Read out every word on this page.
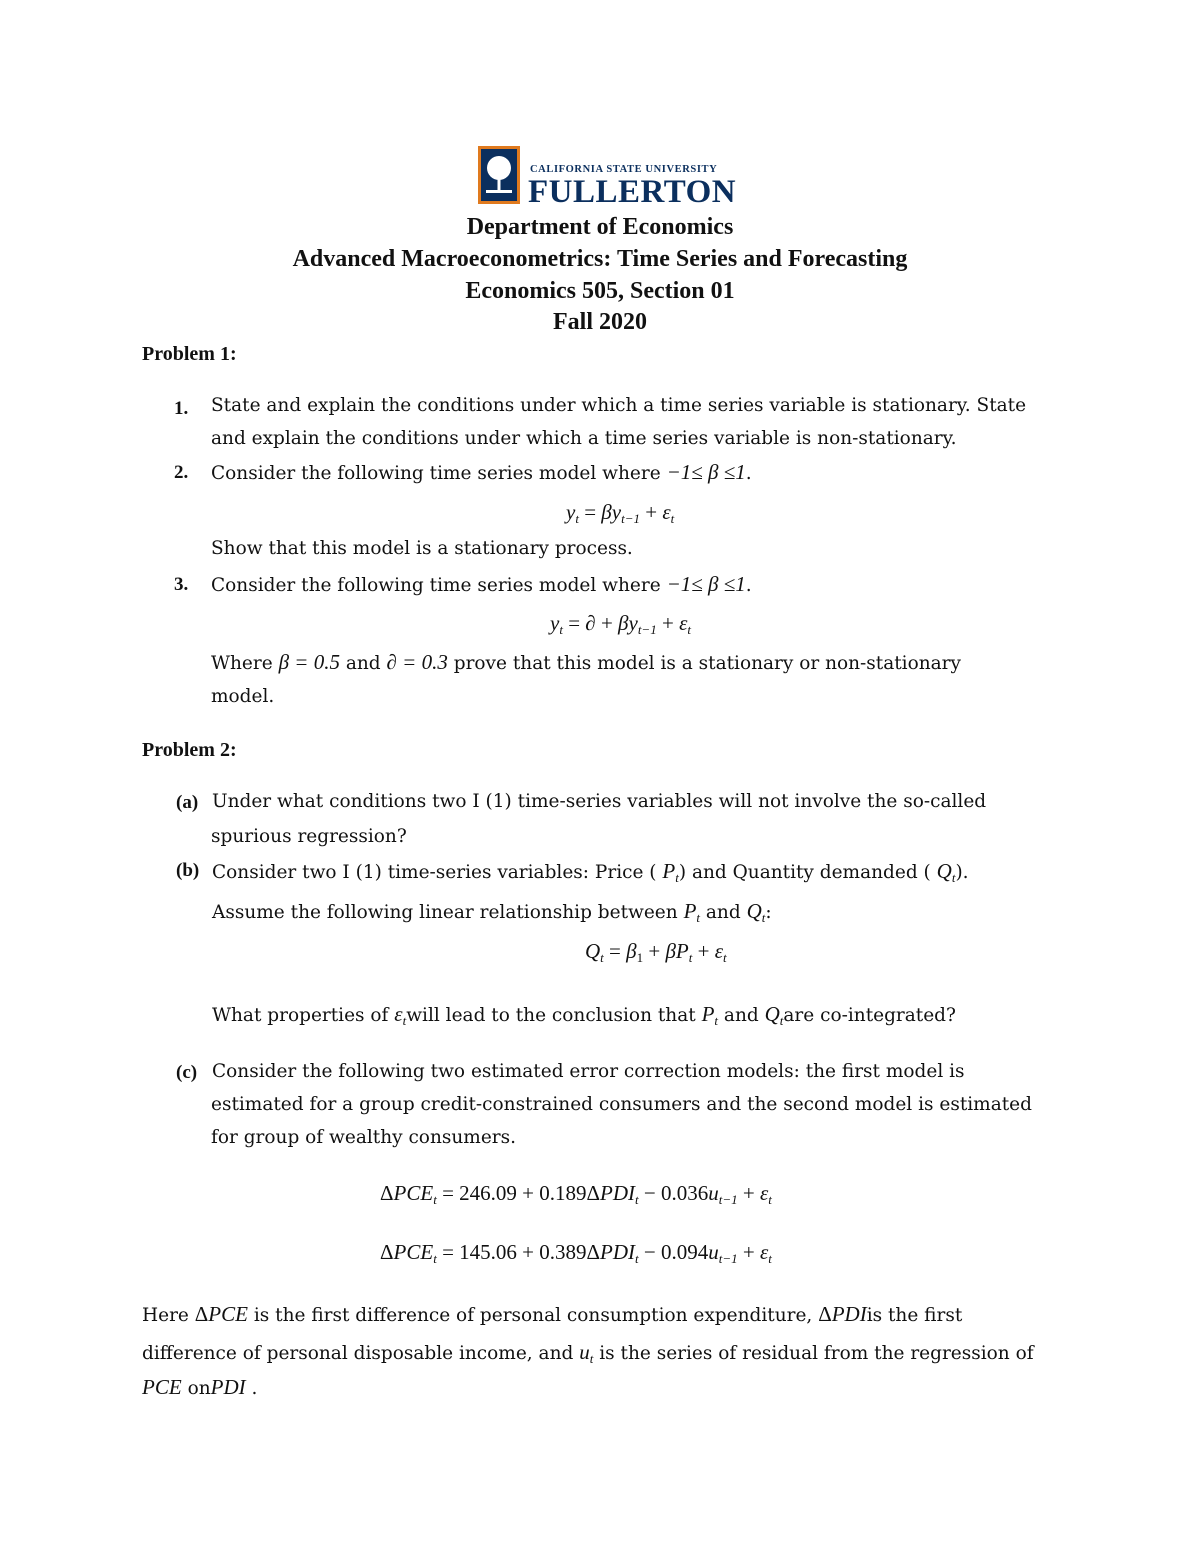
CALIFORNIA STATE UNIVERSITY
FULLERTON
Department of Economics
Advanced Macroeconometrics: Time Series and Forecasting
Economics 505, Section 01
Fall 2020
Problem 1:
1. State and explain the conditions under which a time series variable is stationary. State
and explain the conditions under which a time series variable is non-stationary.
2. Consider the following time series model where −1≤ β ≤1.
$y_t = \beta y_{t-1} + \varepsilon_t$
Show that this model is a stationary process.
3. Consider the following time series model where −1≤ β ≤1.
$y_t$ = ∂ + $\beta y_{t-1} + \varepsilon_t$
Where β = 0.5 and ∂ = 0.3 prove that this model is a stationary or non-stationary
model.
Problem 2:
(a) Under what conditions two I (1) time-series variables will not involve the so-called
spurious regression?
(b) Consider two I (1) time-series variables: Price ( $P_t$) and Quantity demanded ( $Q_t$).
Assume the following linear relationship between $P_t$ and $Q_t$:
$Q_t = \beta_1 + \beta P_t + \varepsilon_t$
What properties of $\varepsilon_twill$ lead to the conclusion that $P_t$ and $Q_tare$ co-integrated?
(c) Consider the following two estimated error correction models: the first model is
estimated for a group credit-constrained consumers and the second model is estimated
for group of wealthy consumers.
$\Delta PCE_t = 246.09 + 0.189\Delta PDI_t - 0.036u_{t-1} + \varepsilon_t$
$\Delta PCE_t = 145.06 + 0.389\Delta PDI_t - 0.094u_{t-1} + \varepsilon_t$
Here ΔPCE is the first difference of personal consumption expenditure, ΔPDIis the first
difference of personal disposable income, and $u_t$ is the series of residual from the regression of
PCE onPDI .
